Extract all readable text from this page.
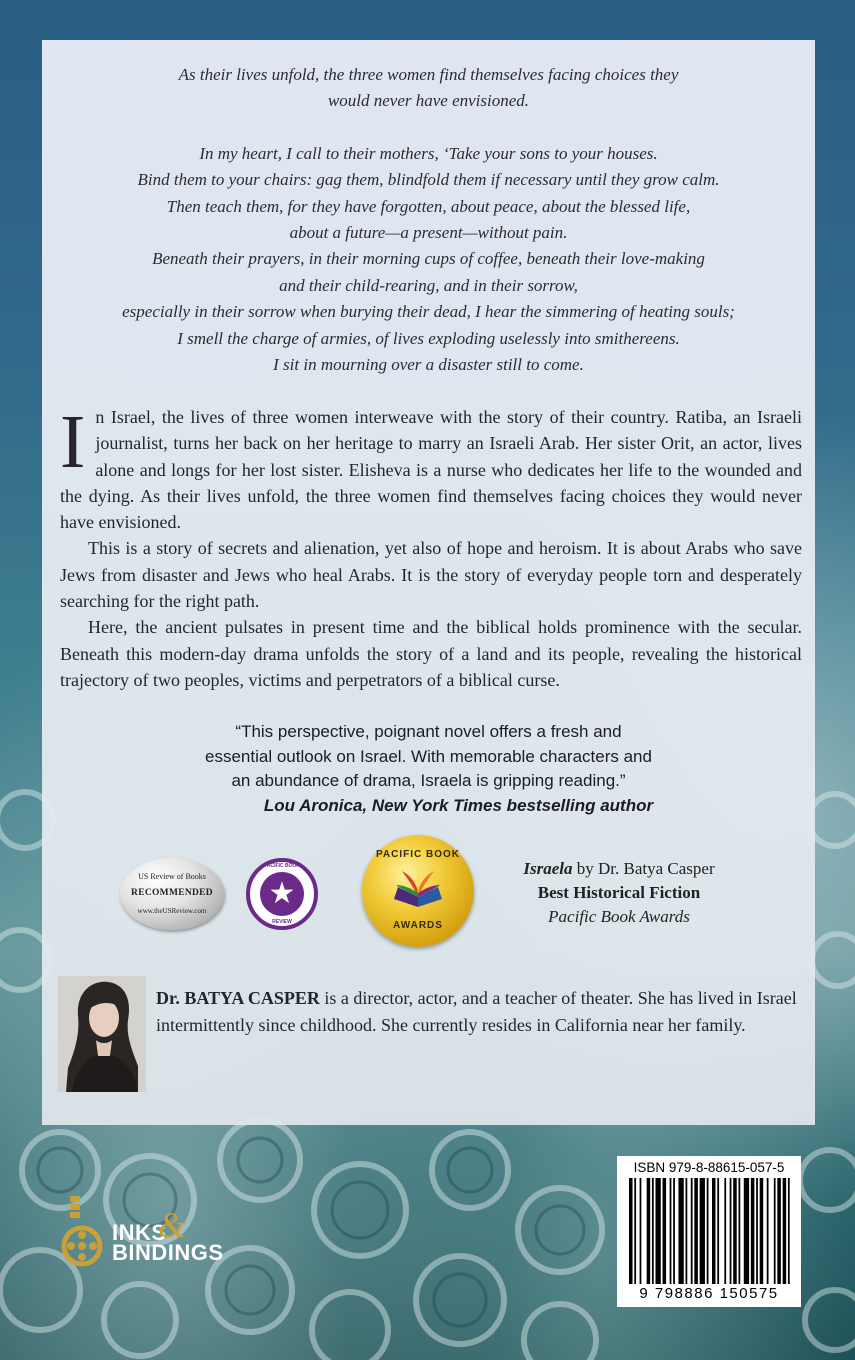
As their lives unfold, the three women find themselves facing choices they
would never have envisioned.
In my heart, I call to their mothers, ‘Take your sons to your houses.
Bind them to your chairs: gag them, blindfold them if necessary until they grow calm.
Then teach them, for they have forgotten, about peace, about the blessed life,
about a future—a present—without pain.
Beneath their prayers, in their morning cups of coffee, beneath their love-making
and their child-rearing, and in their sorrow,
especially in their sorrow when burying their dead, I hear the simmering of heating souls;
I smell the charge of armies, of lives exploding uselessly into smithereens.
I sit in mourning over a disaster still to come.

In Israel, the lives of three women interweave with the story of their country. Ratiba, an Israeli journalist, turns her back on her heritage to marry an Israeli Arab. Her sister Orit, an actor, lives alone and longs for her lost sister. Elisheva is a nurse who dedicates her life to the wounded and the dying. As their lives unfold, the three women find themselves facing choices they would never have envisioned.

This is a story of secrets and alienation, yet also of hope and heroism. It is about Arabs who save Jews from disaster and Jews who heal Arabs. It is the story of everyday people torn and desperately searching for the right path.

Here, the ancient pulsates in present time and the biblical holds prominence with the secular. Beneath this modern-day drama unfolds the story of a land and its people, revealing the historical trajectory of two peoples, victims and perpetrators of a biblical curse.

“This perspective, poignant novel offers a fresh and
essential outlook on Israel. With memorable characters and
an abundance of drama, Israela is gripping reading.”
Lou Aronica, New York Times bestselling author
US Review of Books
RECOMMENDED
www.theUSReview.com
PACIFIC BOOK
★
REVIEW
PACIFIC BOOK
AWARDS
Israela by Dr. Batya Casper
Best Historical Fiction
Pacific Book Awards
Dr. BATYA CASPER is a director, actor, and a teacher of theater. She has lived in Israel intermittently since childhood. She currently resides in California near her family.
ISBN 979-8-88615-057-5
9 798886 150575
INKS
&
BINDINGS
